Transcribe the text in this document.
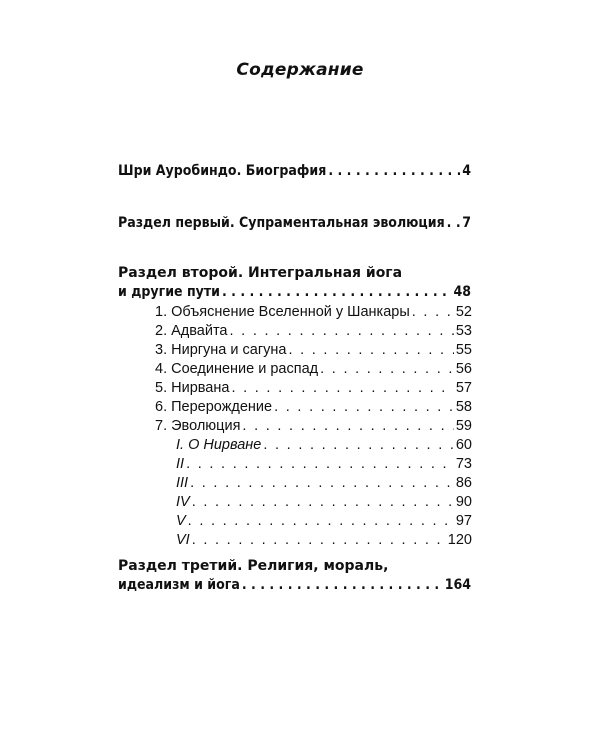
Содержание
Шри Ауробиндо. Биография . . .	4
Раздел первый. Супраментальная эволюция . . . 7
Раздел второй. Интегральная йога
и другие пути . . .	48
1. Объяснение Вселенной у Шанкары . . .	52
2. Адвайта . . .	53
3. Ниргуна и сагуна . . .	55
4. Соединение и распад . . .	56
5. Нирвана . . .	57
6. Перерождение . . .	58
7. Эволюция . . .	59
I. О Нирване . . .	60
II . . .	73
III . . .	86
IV . . .	90
V . . .	97
VI . . .	120
Раздел третий. Религия, мораль,
идеализм и йога . . .	164
